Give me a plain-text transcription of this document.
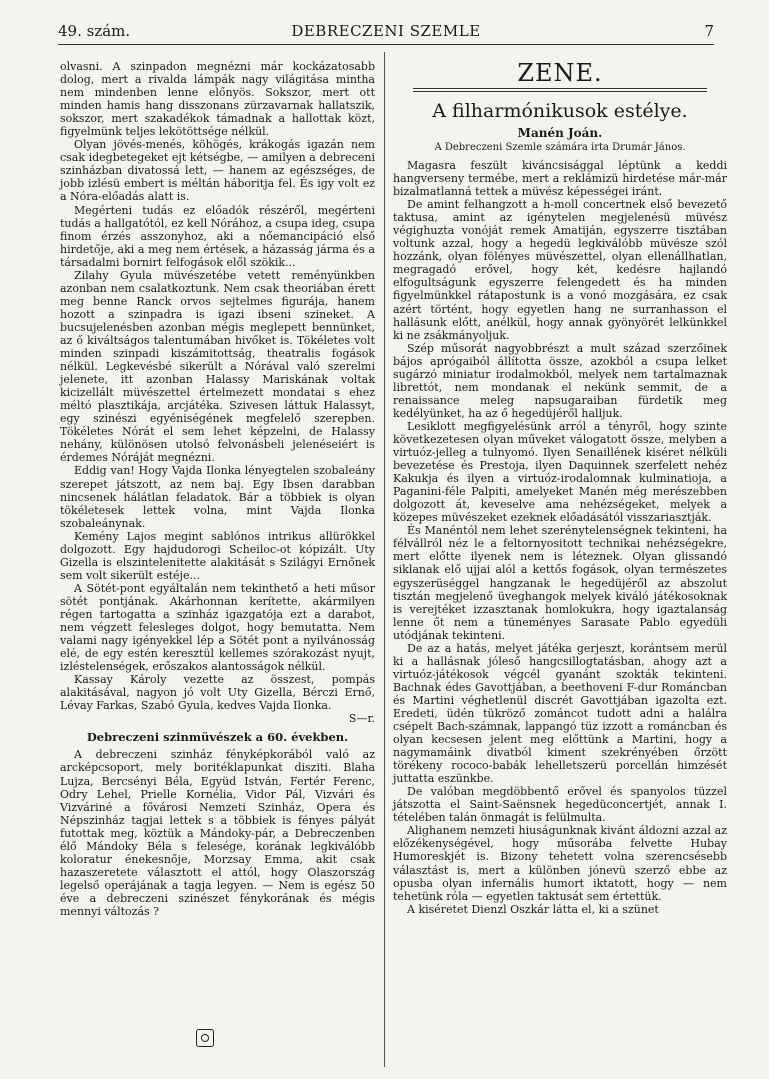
49. szám.	DEBRECZENI SZEMLE	7

olvasni. A szinpadon megnézni már kockázatosabb dolog, mert a rivalda lámpák nagy világitása mintha nem mindenben lenne előnyös. Sokszor, mert ott minden hamis hang disszonans zürzavarnak hallatszik, sokszor, mert szakadékok támadnak a hallottak közt, figyelmünk teljes lekötöttsége nélkül.

Olyan jövés-menés, köhögés, krákogás igazán nem csak idegbetegeket ejt kétségbe, — amilyen a debreceni szinházban divatossá lett, — hanem az egészséges, de jobb izlésü embert is méltán háboritja fel. És igy volt ez a Nóra-előadás alatt is.

Megérteni tudás ez előadók részéről, megérteni tudás a hallgatótól, ez kell Nórához, a csupa ideg, csupa finom érzés asszonyhoz, aki a nőemancipáció első hirdetője, aki a meg nem értések, a házasság járma és a társadalmi bornirt felfogások elől szökik...

Zilahy Gyula müvészetébe vetett reményünkben azonban nem csalatkoztunk. Nem csak theoriában érett meg benne Ranck orvos sejtelmes figurája, hanem hozott a szinpadra is igazi ibseni szineket. A bucsujelenésben azonban mégis meglepett bennünket, az ő kiváltságos talentumában hivőket is. Tökéletes volt minden szinpadi kiszámitottság, theatralis fogások nélkül. Legkevésbé sikerült a Nórával való szerelmi jelenete, itt azonban Halassy Mariskának voltak kicizellált müvészettel értelmezett mondatai s ehez méltó plasztikája, arcjátéka. Szivesen láttuk Halassyt, egy szinészi egyéniségének megfelelő szerepben. Tökéletes Nórát el sem lehet képzelni, de Halassy nehány, különösen utolsó felvonásbeli jelenéseiért is érdemes Nóráját megnézni.

Eddig van! Hogy Vajda Ilonka lényegtelen szobaleány szerepet játszott, az nem baj. Egy Ibsen darabban nincsenek hálátlan feladatok. Bár a többiek is olyan tökéletesek lettek volna, mint Vajda Ilonka szobaleánynak.

Kemény Lajos megint sablónos intrikus allürökkel dolgozott. Egy hajdudorogi Scheiloc-ot kópizált. Uty Gizella is elszintelenitette alakitását s Szilágyi Ernőnek sem volt sikerült estéje...

A Sötét-pont egyáltalán nem tekinthető a heti műsor sötét pontjának. Akárhonnan kerítette, akármilyen régen tartogatta a szinház igazgatója ezt a darabot, nem végzett felesleges dolgot, hogy bemutatta. Nem valami nagy igényekkel lép a Sötét pont a nyilvánosság elé, de egy estén keresztül kellemes szórakozást nyujt, izléstelenségek, erőszakos alantosságok nélkül.

Kassay Károly vezette az összest, pompás alakitásával, nagyon jó volt Uty Gizella, Bérczi Ernő, Lévay Farkas, Szabó Gyula, kedves Vajda Ilonka.

S—r.

Debreczeni szinmüvészek a 60. években.

A debreczeni szinház fényképkorából való az arcképcsoport, mely boritéklapunkat disziti. Blaha Lujza, Bercsényi Béla, Együd István, Fertér Ferenc, Odry Lehel, Prielle Kornélia, Vidor Pál, Vizvári és Vizváriné a fővárosi Nemzeti Szinház, Opera és Népszinház tagjai lettek s a többiek is fényes pályát futottak meg, köztük a Mándoky-pár, a Debreczenben élő Mándoky Béla s felesége, korának legkiválóbb koloratur énekesnője, Morzsay Emma, akit csak hazaszeretete választott el attól, hogy Olaszország legelső operájának a tagja legyen. — Nem is egész 50 éve a debreczeni szinészet fénykorának és mégis mennyi változás ?

ZENE.
A filharmónikusok estélye.
Manén Joán.
A Debreczeni Szemle számára irta Drumár János.

Magasra feszült kiváncsisággal léptünk a keddi hangverseny termébe, mert a reklámizü hirdetése már-már bizalmatlanná tettek a müvész képességei iránt.

De amint felhangzott a h-moll concertnek első bevezető taktusa, amint az igénytelen megjelenésü müvész végighuzta vonóját remek Amatiján, egyszerre tisztában voltunk azzal, hogy a hegedü legkiválóbb müvésze szól hozzánk, olyan fölényes müvészettel, olyan ellenállhatlan, megragadó erővel, hogy két, kedésre hajlandó elfogultságunk egyszerre felengedett és ha minden figyelmünkkel rátapostunk is a vonó mozgására, ez csak azért történt, hogy egyetlen hang ne surranhasson el hallásunk előtt, anélkül, hogy annak gyönyörét lelkünkkel ki ne zsákmányoljuk.

Szép műsorát nagyobbrészt a mult század szerzőinek bájos aprógaiból állította össze, azokból a csupa lelket sugárzó miniatur irodalmokból, melyek nem tartalmaznak librettót, nem mondanak el nekünk semmit, de a renaissance meleg napsugaraiban fürdetik meg kedélyünket, ha az ő hegedüjéről halljuk.

Lesiklott megfigyelésünk arról a tényről, hogy szinte következetesen olyan műveket válogatott össze, melyben a virtuóz-jelleg a tulnyomó. Ilyen Senaillének kiséret nélküli bevezetése és Prestoja, ilyen Daquinnek szerfelett nehéz Kakukja és ilyen a virtuóz-irodalomnak kulminatioja, a Paganini-féle Palpiti, amelyeket Manén még merészebben dolgozott át, keveselve ama nehézségeket, melyek a közepes müvészeket ezeknek előadásától visszariasztják.

És Manéntól nem lehet szerénytelenségnek tekinteni, ha félvállról néz le a feltornyositott technikai nehézségekre, mert előtte ilyenek nem is léteznek. Olyan glissandó siklanak elő ujjai alól a kettős fogások, olyan természetes egyszerüséggel hangzanak le hegedüjéről az abszolut tisztán megjelenő üveghangok melyek kiváló játékosoknak is verejtéket izzasztanak homlokukra, hogy igaztalanság lenne őt nem a tüneményes Sarasate Pablo egyedüli utódjának tekinteni.

De az a hatás, melyet játéka gerjeszt, korántsem merül ki a hallásnak jóleső hangcsillogtatásban, ahogy azt a virtuóz-játékosok végcél gyanánt szokták tekinteni. Bachnak édes Gavottjában, a beethoveni F-dur Románcban és Martini véghetlenül discrét Gavottjában igazolta ezt. Eredeti, üdén tükröző zománcot tudott adni a halálra csépelt Bach-számnak, lappangó tüz izzott a románcban és olyan kecsesen jelent meg előttünk a Martini, hogy a nagymamáink divatból kiment szekrényében őrzött törékeny rococo-babák lehelletszerü porcellán himzését juttatta eszünkbe.

De valóban megdöbbentő erővel és spanyolos tüzzel játszotta el Saint-Saënsnek hegedüconcertjét, annak I. tételében talán önmagát is felülmulta.

Alighanem nemzeti hiuságunknak kivánt áldozni azzal az előzékenységével, hogy műsorába felvette Hubay Humoreskjét is. Bizony tehetett volna szerencsésebb választást is, mert a különben jónevü szerző ebbe az opusba olyan infernális humort iktatott, hogy — nem tehetünk róla — egyetlen taktusát sem értettük.

A kiséretet Dienzl Oszkár látta el, ki a szünet
